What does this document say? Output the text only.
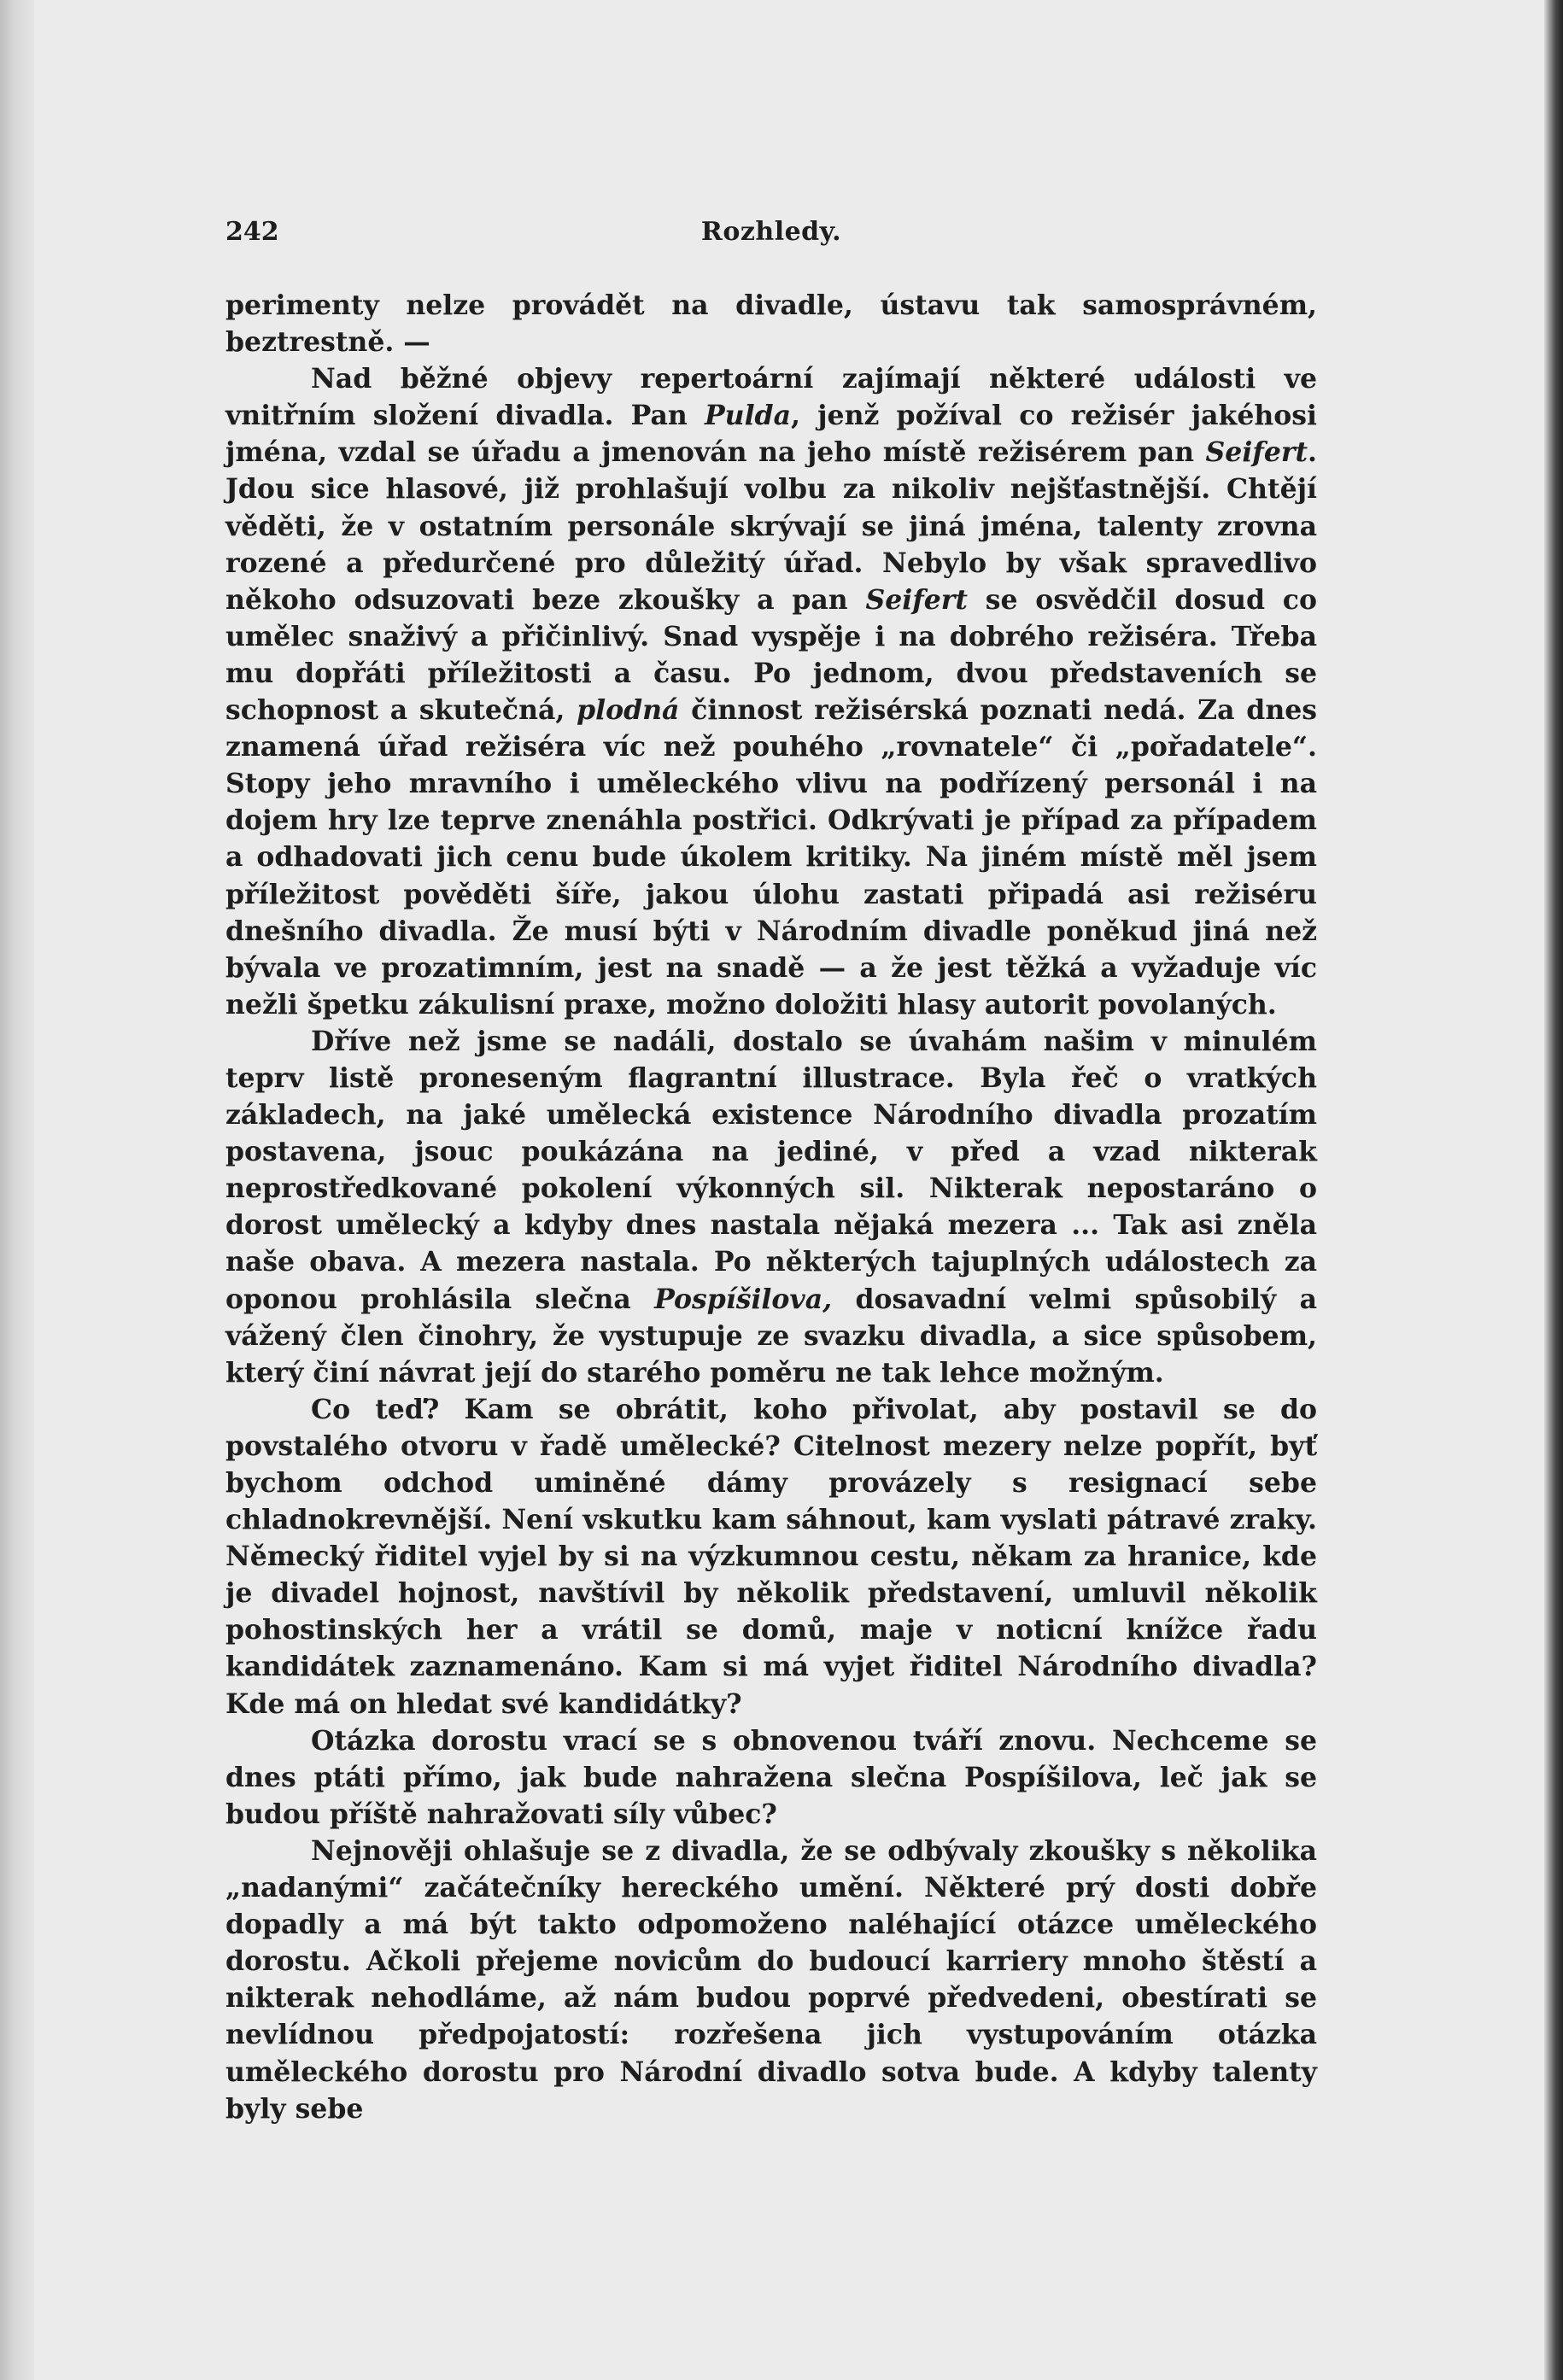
242	Rozhledy.

perimenty nelze provádět na divadle, ústavu tak samosprávném, beztrestně. —

Nad běžné objevy repertoární zajímají některé události ve vnitřním složení divadla. Pan Pulda, jenž požíval co režisér jakéhosi jména, vzdal se úřadu a jmenován na jeho místě režisérem pan Seifert. Jdou sice hlasové, již prohlašují volbu za nikoliv nejšťastnější. Chtějí věděti, že v ostatním personále skrývají se jiná jména, talenty zrovna rozené a předurčené pro důležitý úřad. Nebylo by však spravedlivo někoho odsuzovati beze zkoušky a pan Seifert se osvědčil dosud co umělec snaživý a přičinlivý. Snad vyspěje i na dobrého režiséra. Třeba mu dopřáti příležitosti a času. Po jednom, dvou představeních se schopnost a skutečná, plodná činnost režisérská poznati nedá. Za dnes znamená úřad režiséra víc než pouhého „rovnatele“ či „pořadatele“. Stopy jeho mravního i uměleckého vlivu na podřízený personál i na dojem hry lze teprve znenáhla postřici. Odkrývati je případ za případem a odhadovati jich cenu bude úkolem kritiky. Na jiném místě měl jsem příležitost pověděti šíře, jakou úlohu zastati připadá asi režiséru dnešního divadla. Že musí býti v Národním divadle poněkud jiná než bývala ve prozatimním, jest na snadě — a že jest těžká a vyžaduje víc nežli špetku zákulisní praxe, možno doložiti hlasy autorit povolaných.

Dříve než jsme se nadáli, dostalo se úvahám našim v minulém teprv listě proneseným flagrantní illustrace. Byla řeč o vratkých základech, na jaké umělecká existence Národního divadla prozatím postavena, jsouc poukázána na jediné, v před a vzad nikterak neprostředkované pokolení výkonných sil. Nikterak nepostaráno o dorost umělecký a kdyby dnes nastala nějaká mezera ... Tak asi zněla naše obava. A mezera nastala. Po některých tajuplných událostech za oponou prohlásila slečna Pospíšilova, dosavadní velmi spůsobilý a vážený člen činohry, že vystupuje ze svazku divadla, a sice spůsobem, který činí návrat její do starého poměru ne tak lehce možným.

Co teď? Kam se obrátit, koho přivolat, aby postavil se do povstalého otvoru v řadě umělecké? Citelnost mezery nelze popřít, byť bychom odchod uminěné dámy provázely s resignací sebe chladnokrevnější. Není vskutku kam sáhnout, kam vyslati pátravé zraky. Německý řiditel vyjel by si na výzkumnou cestu, někam za hranice, kde je divadel hojnost, navštívil by několik představení, umluvil několik pohostinských her a vrátil se domů, maje v noticní knížce řadu kandidátek zaznamenáno. Kam si má vyjet řiditel Národního divadla? Kde má on hledat své kandidátky?

Otázka dorostu vrací se s obnovenou tváří znovu. Nechceme se dnes ptáti přímo, jak bude nahražena slečna Pospíšilova, leč jak se budou příště nahražovati síly vůbec?

Nejnověji ohlašuje se z divadla, že se odbývaly zkoušky s několika „nadanými“ začátečníky hereckého umění. Některé prý dosti dobře dopadly a má být takto odpomoženo naléhající otázce uměleckého dorostu. Ačkoli přejeme novicům do budoucí karriery mnoho štěstí a nikterak nehodláme, až nám budou poprvé předvedeni, obestírati se nevlídnou předpojatostí: rozřešena jich vystupováním otázka uměleckého dorostu pro Národní divadlo sotva bude. A kdyby talenty byly sebe
